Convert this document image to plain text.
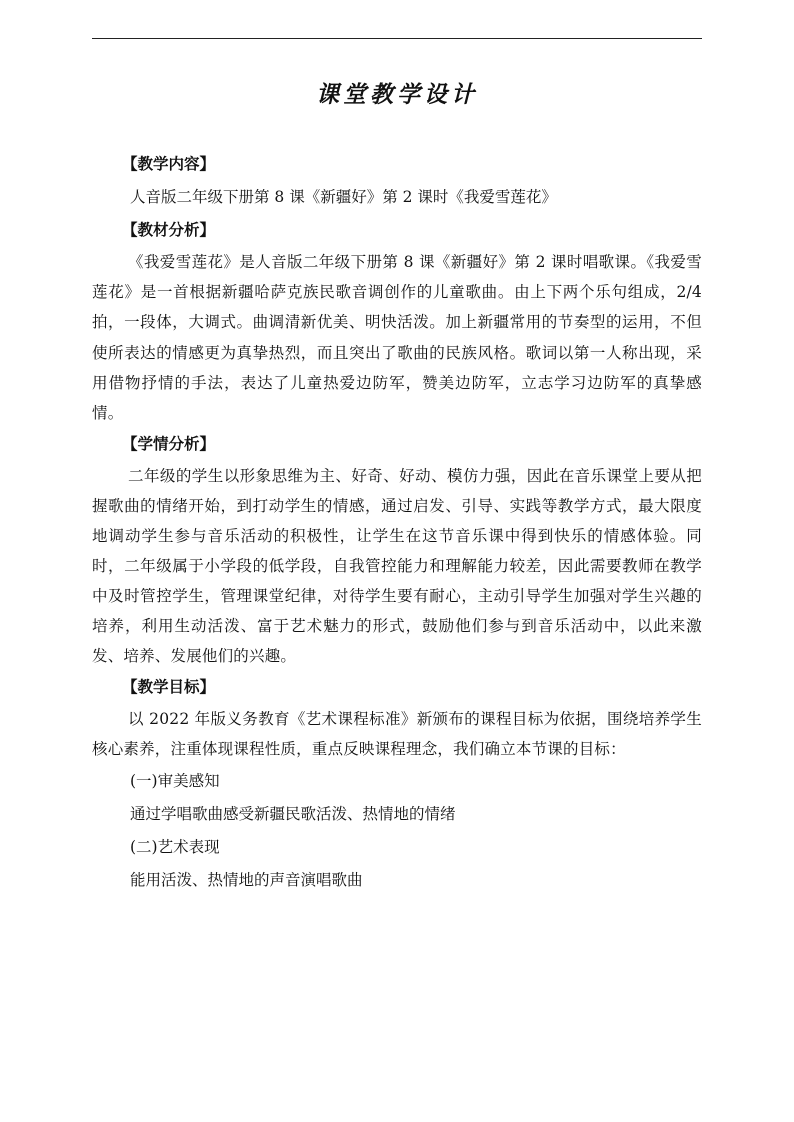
课堂教学设计
【教学内容】
人音版二年级下册第 8 课《新疆好》第 2 课时《我爱雪莲花》
【教材分析】

《我爱雪莲花》是人音版二年级下册第 8 课《新疆好》第 2 课时唱歌课。《我爱雪莲花》是一首根据新疆哈萨克族民歌音调创作的儿童歌曲。由上下两个乐句组成，2/4 拍，一段体，大调式。曲调清新优美、明快活泼。加上新疆常用的节奏型的运用，不但使所表达的情感更为真挚热烈，而且突出了歌曲的民族风格。歌词以第一人称出现，采用借物抒情的手法，表达了儿童热爱边防军，赞美边防军，立志学习边防军的真挚感情。

【学情分析】

二年级的学生以形象思维为主、好奇、好动、模仿力强，因此在音乐课堂上要从把握歌曲的情绪开始，到打动学生的情感，通过启发、引导、实践等教学方式，最大限度地调动学生参与音乐活动的积极性，让学生在这节音乐课中得到快乐的情感体验。同时，二年级属于小学段的低学段，自我管控能力和理解能力较差，因此需要教师在教学中及时管控学生，管理课堂纪律，对待学生要有耐心，主动引导学生加强对学生兴趣的培养，利用生动活泼、富于艺术魅力的形式，鼓励他们参与到音乐活动中，以此来激发、培养、发展他们的兴趣。

【教学目标】

以 2022 年版义务教育《艺术课程标准》新颁布的课程目标为依据，围绕培养学生核心素养，注重体现课程性质，重点反映课程理念，我们确立本节课的目标：

(一)审美感知
通过学唱歌曲感受新疆民歌活泼、热情地的情绪
(二)艺术表现
能用活泼、热情地的声音演唱歌曲
